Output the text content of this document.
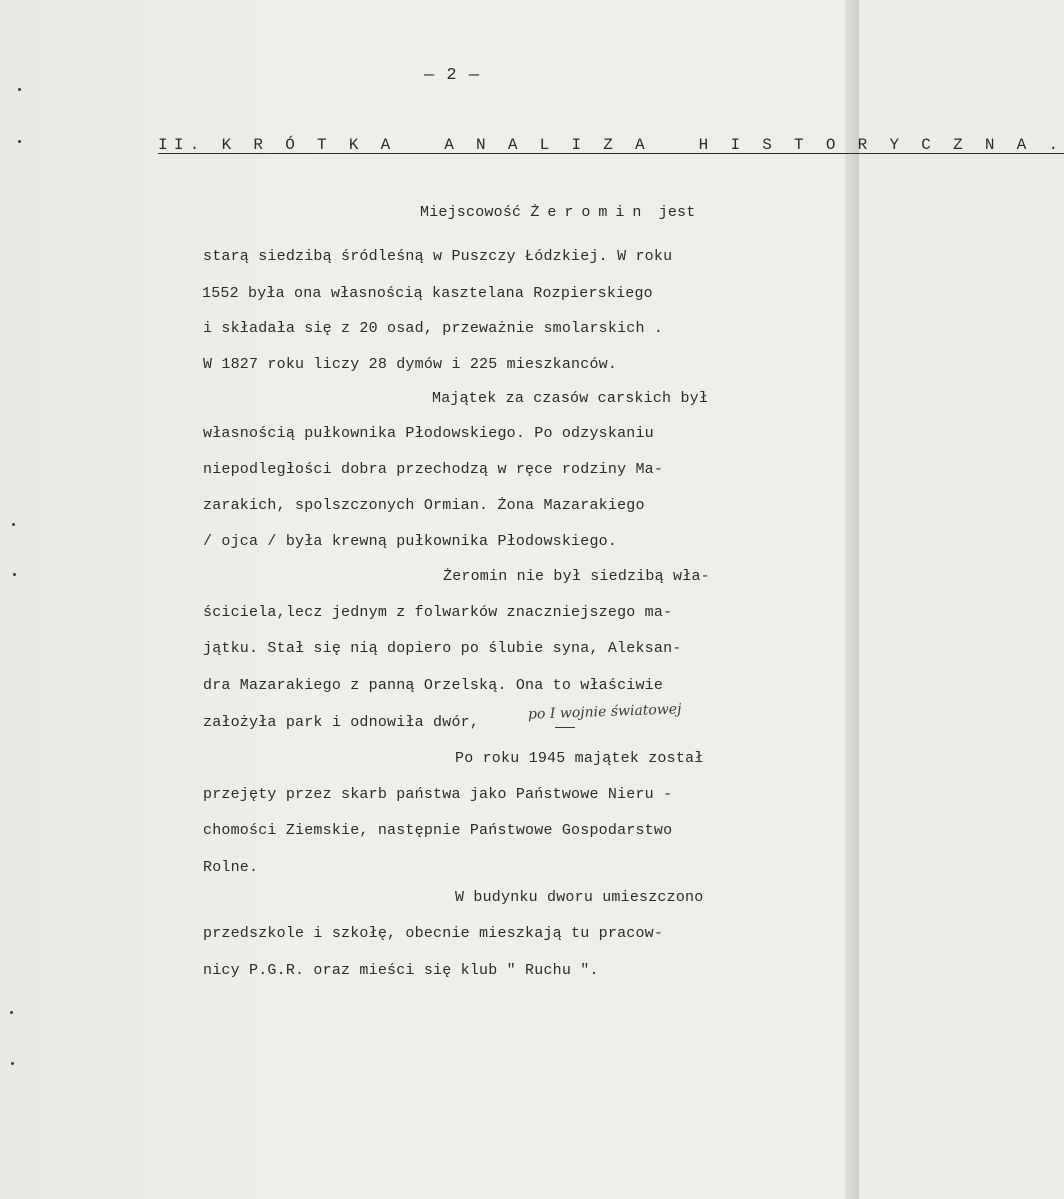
— 2 —
II. K R Ó T K A   A N A L I Z A   H I S T O R Y C Z N A .
Miejscowość Żeromin jest
starą siedzibą śródleśną w Puszczy Łódzkiej. W roku
1552 była ona własnością kasztelana Rozpierskiego
i składała się z 20 osad, przeważnie smolarskich .
W 1827 roku liczy 28 dymów i 225 mieszkanców.
Majątek za czasów carskich był
własnością pułkownika Płodowskiego. Po odzyskaniu
niepodległości dobra przechodzą w ręce rodziny Ma-
zarakich, spolszczonych Ormian. Żona Mazarakiego
/ ojca / była krewną pułkownika Płodowskiego.
Żeromin nie był siedzibą wła-
ściciela,lecz jednym z folwarków znaczniejszego ma-
jątku. Stał się nią dopiero po ślubie syna, Aleksan-
dra Mazarakiego z panną Orzelską. Ona to właściwie
założyła park i odnowiła dwór,	po I wojnie światowej
Po roku 1945 majątek został
przejęty przez skarb państwa jako Państwowe Nieru -
chomości Ziemskie, następnie Państwowe Gospodarstwo
Rolne.
W budynku dworu umieszczono
przedszkole i szkołę, obecnie mieszkają tu pracow-
nicy P.G.R. oraz mieści się klub " Ruchu ".
